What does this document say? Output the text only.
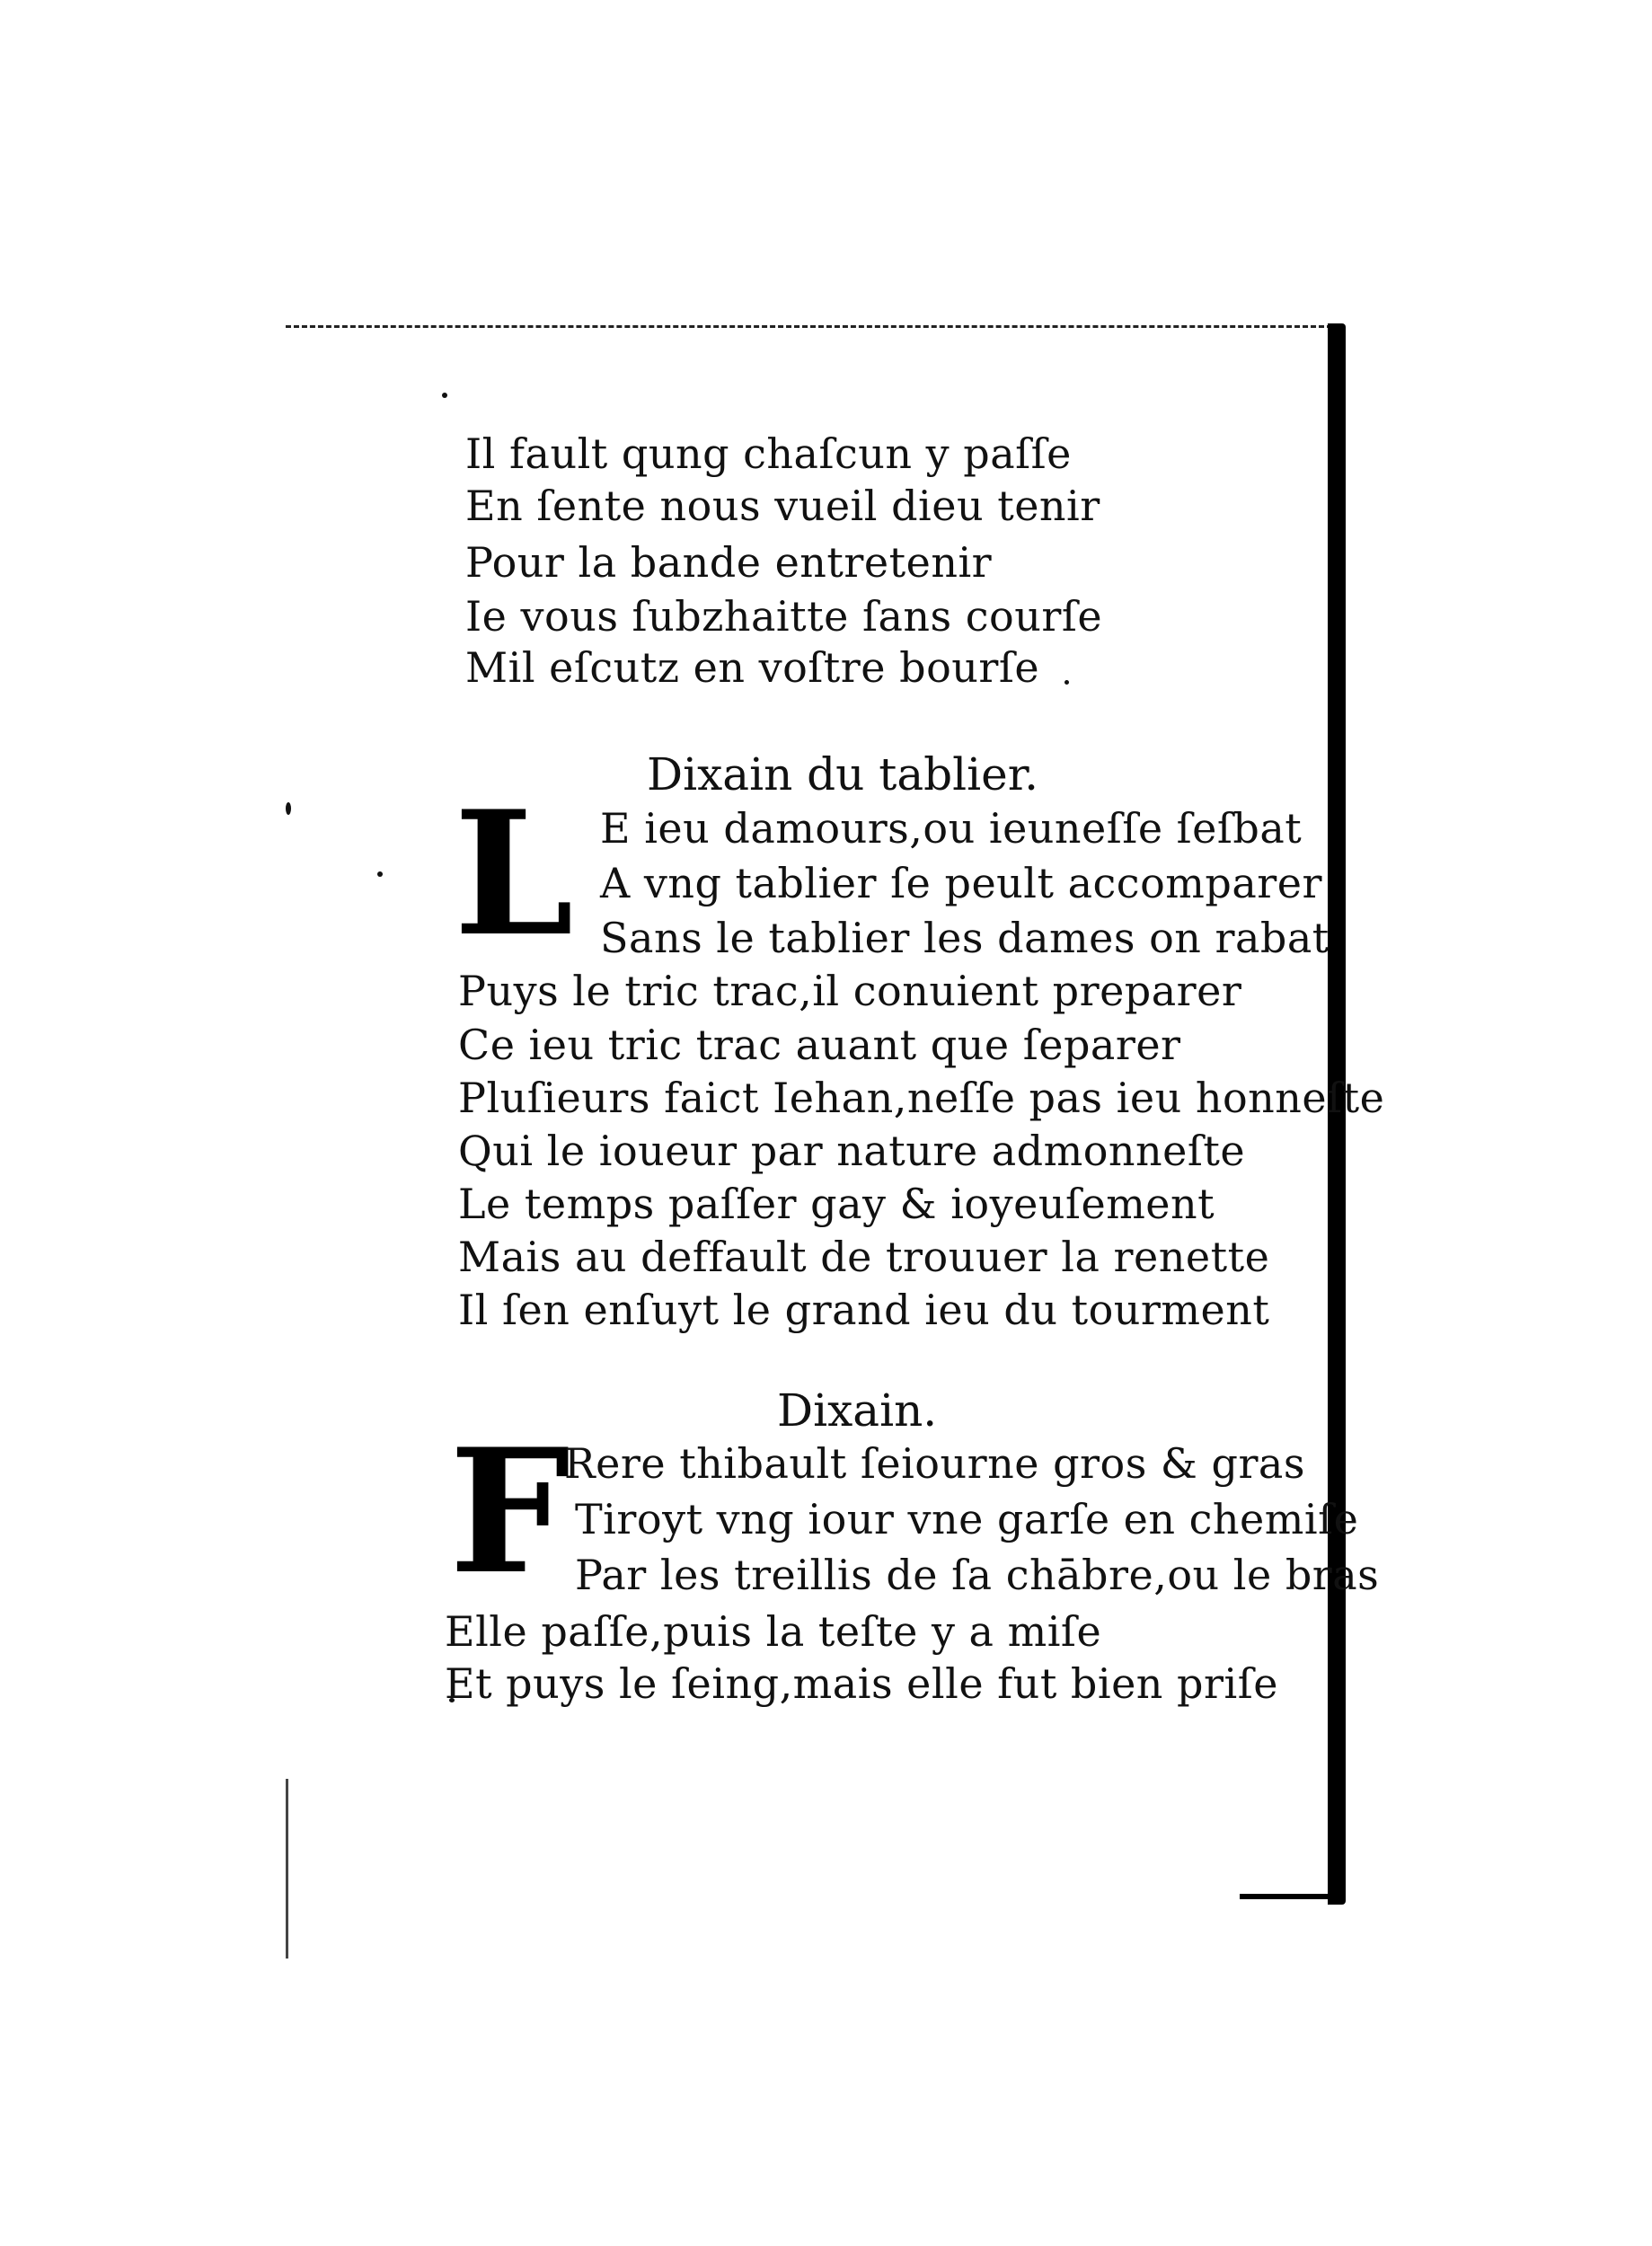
Il fault qung chaſcun y paſſe
En ſente nous vueil dieu tenir
Pour la bande entretenir
Ie vous ſubzhaitte ſans courſe
Mil eſcutz en voſtre bourſe
Dixain du tablier.
L E ieu damours,ou ieuneſſe ſeſbat
A vng tablier ſe peult accomparer
Sans le tablier les dames on rabat
Puys le tric trac,il conuient preparer
Ce ieu tric trac auant que ſeparer
Pluſieurs faict Iehan,neſſe pas ieu honneſte
Qui le ioueur par nature admonneſte
Le temps paſſer gay & ioyeuſement
Mais au deffault de trouuer la renette
Il ſen enſuyt le grand ieu du tourment
Dixain.
F
Rere thibault ſeiourne gros & gras
Tiroyt vng iour vne garſe en chemiſe
Par les treillis de ſa chābre,ou le bras
Elle paſſe,puis la teſte y a miſe
Et puys le ſeing,mais elle fut bien priſe
